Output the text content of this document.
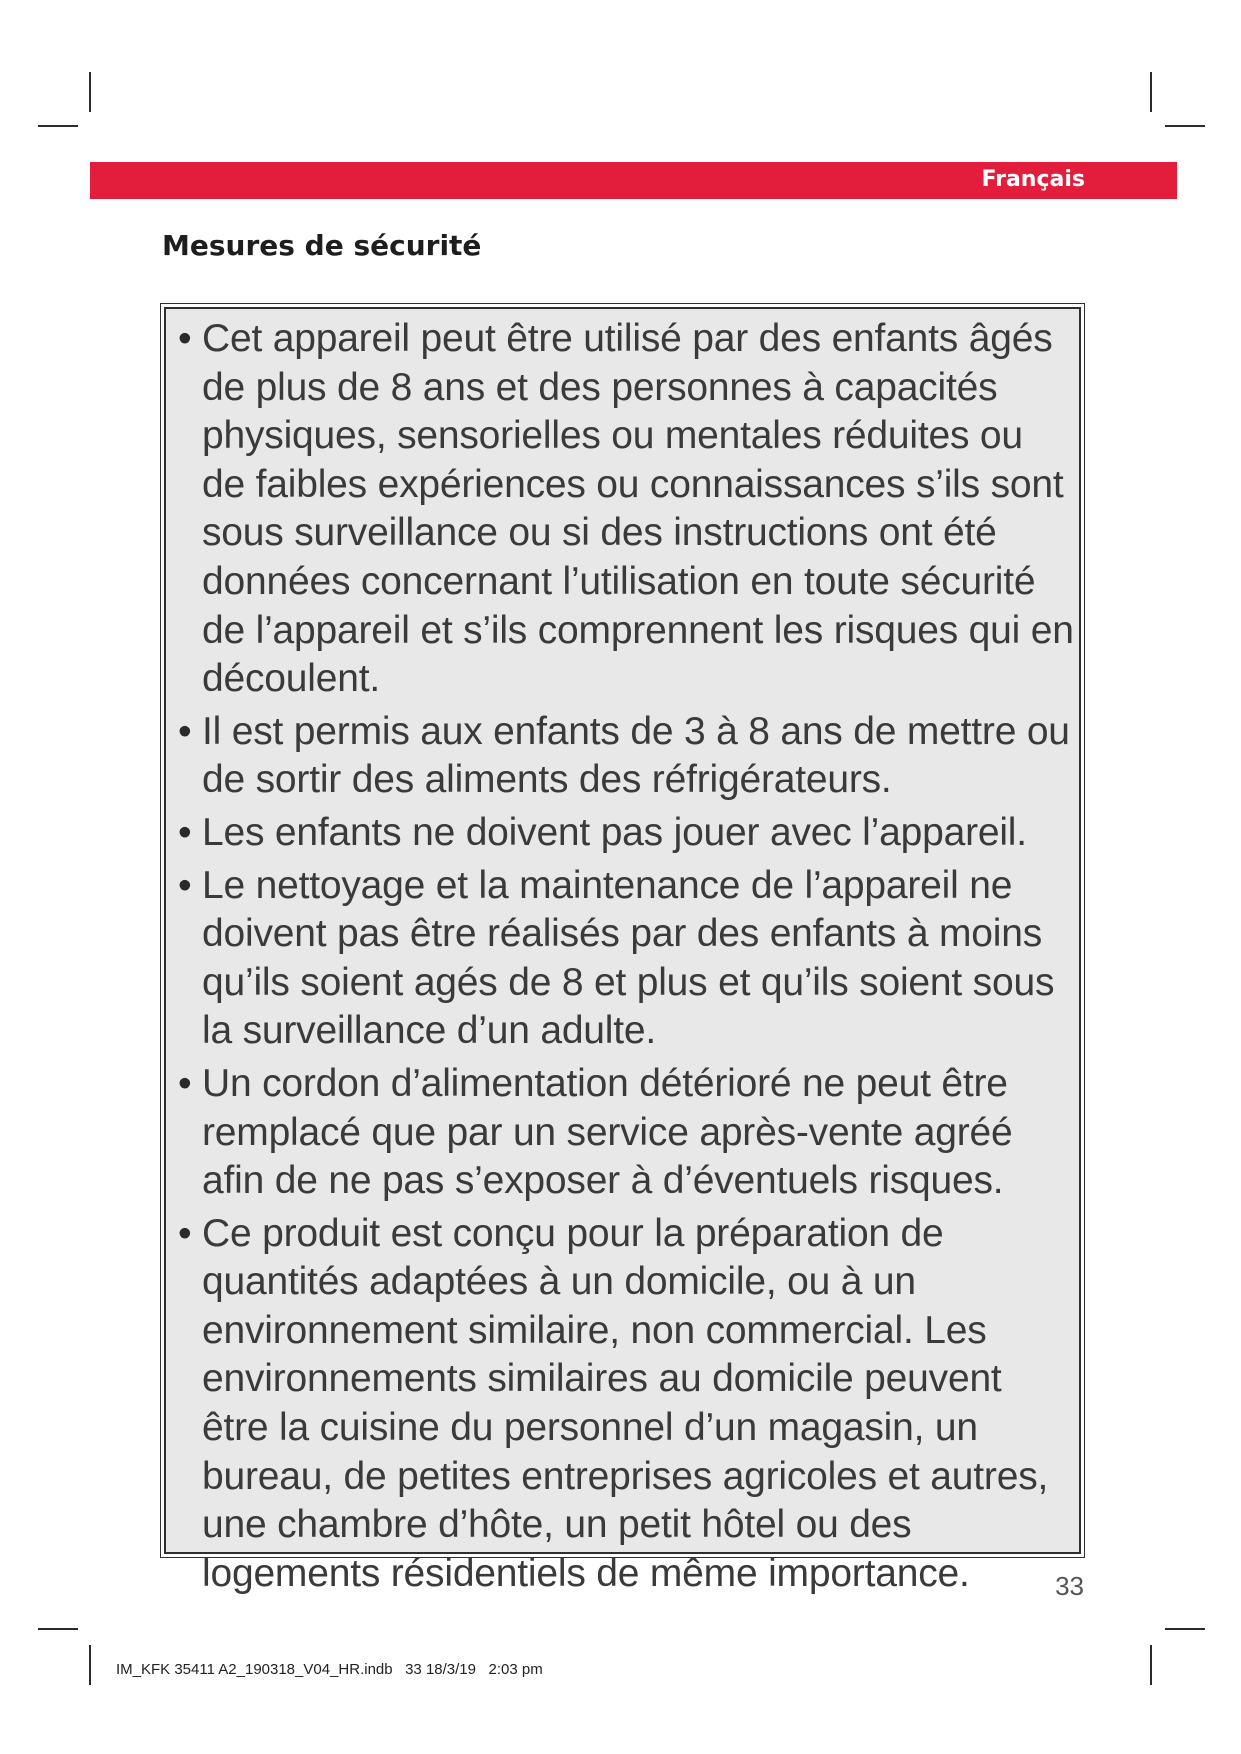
Français
Mesures de sécurité
• Cet appareil peut être utilisé par des enfants âgés de plus de 8 ans et des personnes à capacités physiques, sensorielles ou mentales réduites ou de faibles expériences ou connaissances s’ils sont sous surveillance ou si des instructions ont été données concernant l’utilisation en toute sécurité de l’appareil et s’ils comprennent les risques qui en découlent.
• Il est permis aux enfants de 3 à 8 ans de mettre ou de sortir des aliments des réfrigérateurs.
• Les enfants ne doivent pas jouer avec l’appareil.
• Le nettoyage et la maintenance de l’appareil ne doivent pas être réalisés par des enfants à moins qu’ils soient agés de 8 et plus et qu’ils soient sous la surveillance d’un adulte.
• Un cordon d’alimentation détérioré ne peut être remplacé que par un service après-vente agréé afin de ne pas s’exposer à d’éventuels risques.
• Ce produit est conçu pour la préparation de quantités adaptées à un domicile, ou à un environnement similaire, non commercial. Les environnements similaires au domicile peuvent être la cuisine du personnel d’un magasin, un bureau, de petites entreprises agricoles et autres, une chambre d’hôte, un petit hôtel ou des logements résidentiels de même importance.	33
IM_KFK 35411 A2_190318_V04_HR.indb   33 18/3/19   2:03 pm
